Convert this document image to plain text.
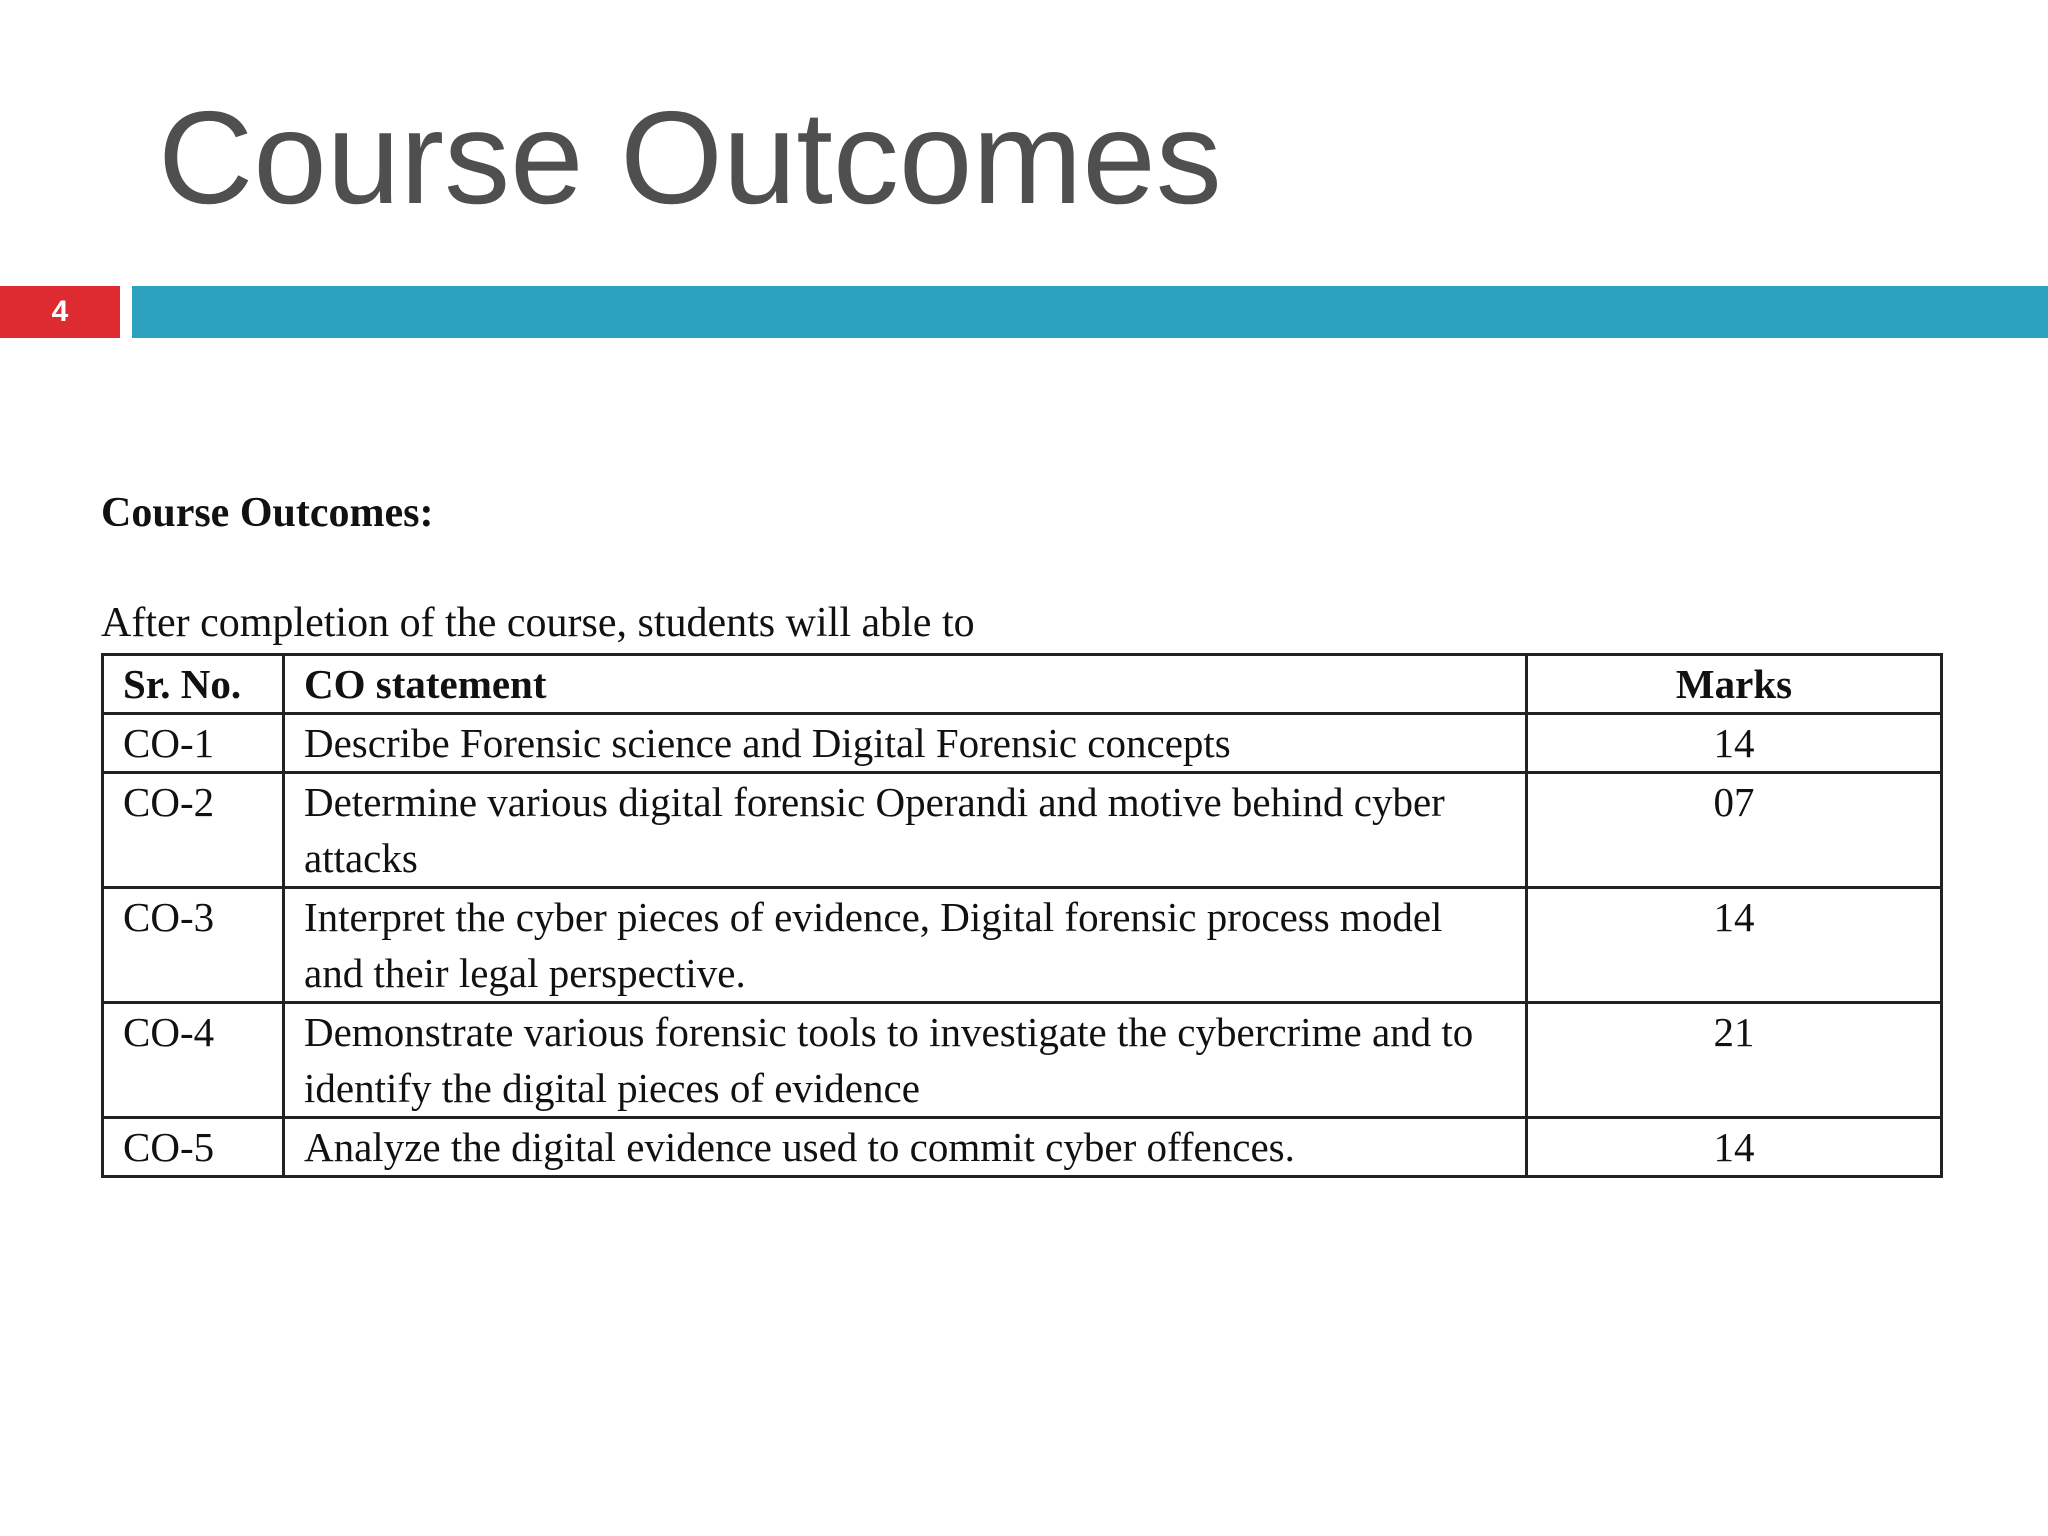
Course Outcomes
4

Course Outcomes:

After completion of the course, students will able to

Sr. No.	CO statement	Marks
CO-1	Describe Forensic science and Digital Forensic concepts	14
CO-2	Determine various digital forensic Operandi and motive behind cyber attacks	07
CO-3	Interpret the cyber pieces of evidence, Digital forensic process model and their legal perspective.	14
CO-4	Demonstrate various forensic tools to investigate the cybercrime and to identify the digital pieces of evidence	21
CO-5	Analyze the digital evidence used to commit cyber offences.	14
